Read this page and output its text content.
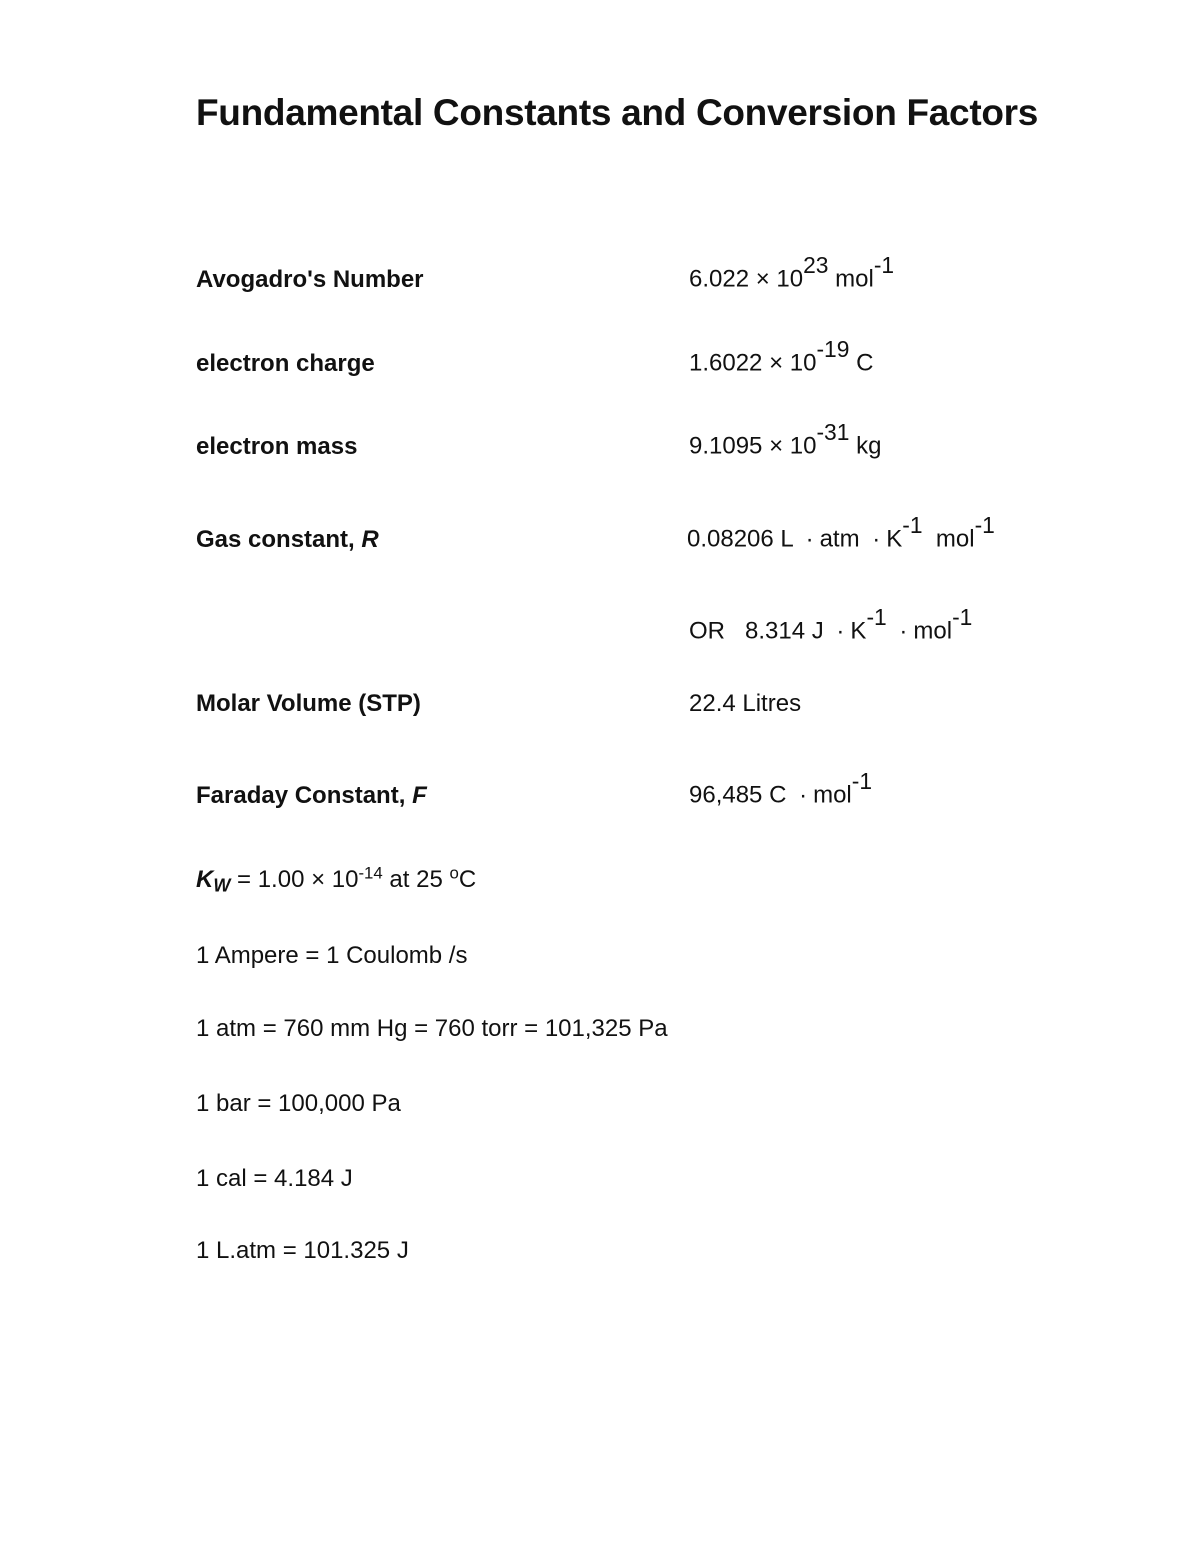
Fundamental Constants and Conversion Factors
Avogadro's Number	$6.022 \times 10^{23}$ mol$^{-1}$
electron charge	$1.6022 \times 10^{-19}$ C
electron mass	$9.1095 \times 10^{-31}$ kg
Gas constant, R	0.08206 L · atm · $K^{-1}$  mol$^{-1}$
OR 8.314 $J \cdot K^{-1} \cdot mol^{-1}$
Molar Volume (STP)	22.4 Litres
Faraday Constant, F	96,485 C · mol$^{-1}$
$K_W = 1.00 \times 10^{-14}$ at 25 $^o$C
1 Ampere = 1 Coulomb /s
1 atm = 760 mm Hg = 760 torr = 101,325 Pa
1 bar = 100,000 Pa
1 cal = 4.184 J
1 L.atm = 101.325 J
